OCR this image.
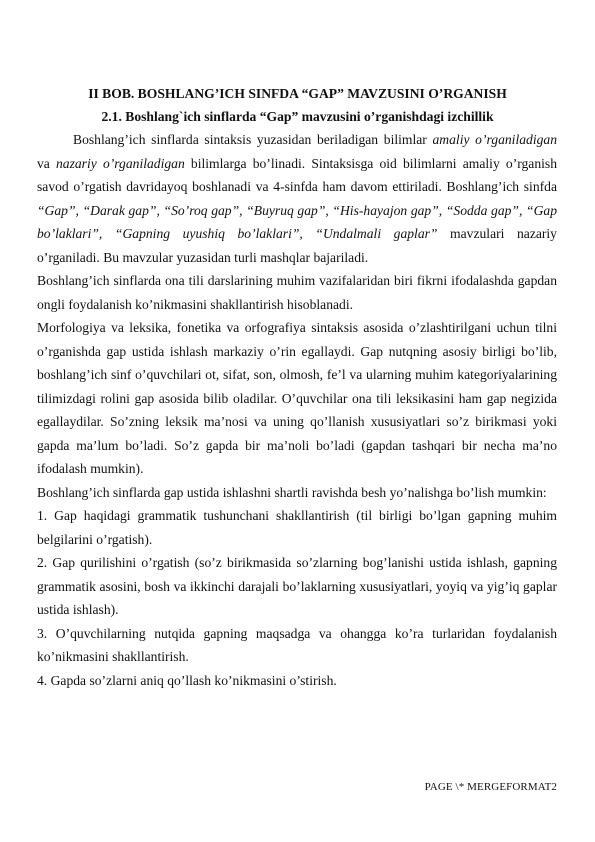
II BOB. BOSHLANG’ICH SINFDA “GAP” MAVZUSINI O’RGANISH
2.1. Boshlang`ich sinflarda “Gap” mavzusini o’rganishdagi izchillik

Boshlang’ich sinflarda sintaksis yuzasidan beriladigan bilimlar amaliy o’rganiladigan va nazariy o’rganiladigan bilimlarga bo’linadi. Sintaksisga oid bilimlarni amaliy o’rganish savod o’rgatish davridayoq boshlanadi va 4-sinfda ham davom ettiriladi. Boshlang’ich sinfda “Gap”, “Darak gap”, “So’roq gap”, “Buyruq gap”, “His-hayajon gap”, “Sodda gap”, “Gap bo’laklari”, “Gapning uyushiq bo’laklari”, “Undalmali gaplar” mavzulari nazariy o’rganiladi. Bu mavzular yuzasidan turli mashqlar bajariladi.

Boshlang’ich sinflarda ona tili darslarining muhim vazifalaridan biri fikrni ifodalashda gapdan ongli foydalanish ko’nikmasini shakllantirish hisoblanadi.

Morfologiya va leksika, fonetika va orfografiya sintaksis asosida o’zlashtirilgani uchun tilni o’rganishda gap ustida ishlash markaziy o’rin egallaydi. Gap nutqning asosiy birligi bo’lib, boshlang’ich sinf o’quvchilari ot, sifat, son, olmosh, fe’l va ularning muhim kategoriyalarining tilimizdagi rolini gap asosida bilib oladilar. O’quvchilar ona tili leksikasini ham gap negizida egallaydilar. So’zning leksik ma’nosi va uning qo’llanish xususiyatlari so’z birikmasi yoki gapda ma’lum bo’ladi. So’z gapda bir ma’noli bo’ladi (gapdan tashqari bir necha ma’no ifodalash mumkin).

Boshlang’ich sinflarda gap ustida ishlashni shartli ravishda besh yo’nalishga bo’lish mumkin:

1. Gap haqidagi grammatik tushunchani shakllantirish (til birligi bo’lgan gapning muhim belgilarini o’rgatish).

2. Gap qurilishini o’rgatish (so’z birikmasida so’zlarning bog’lanishi ustida ishlash, gapning grammatik asosini, bosh va ikkinchi darajali bo’laklarning xususiyatlari, yoyiq va yig’iq gaplar ustida ishlash).

3. O’quvchilarning nutqida gapning maqsadga va ohangga ko’ra turlaridan foydalanish ko’nikmasini shakllantirish.

4. Gapda so’zlarni aniq qo’llash ko’nikmasini o’stirish.

PAGE \* MERGEFORMAT2
